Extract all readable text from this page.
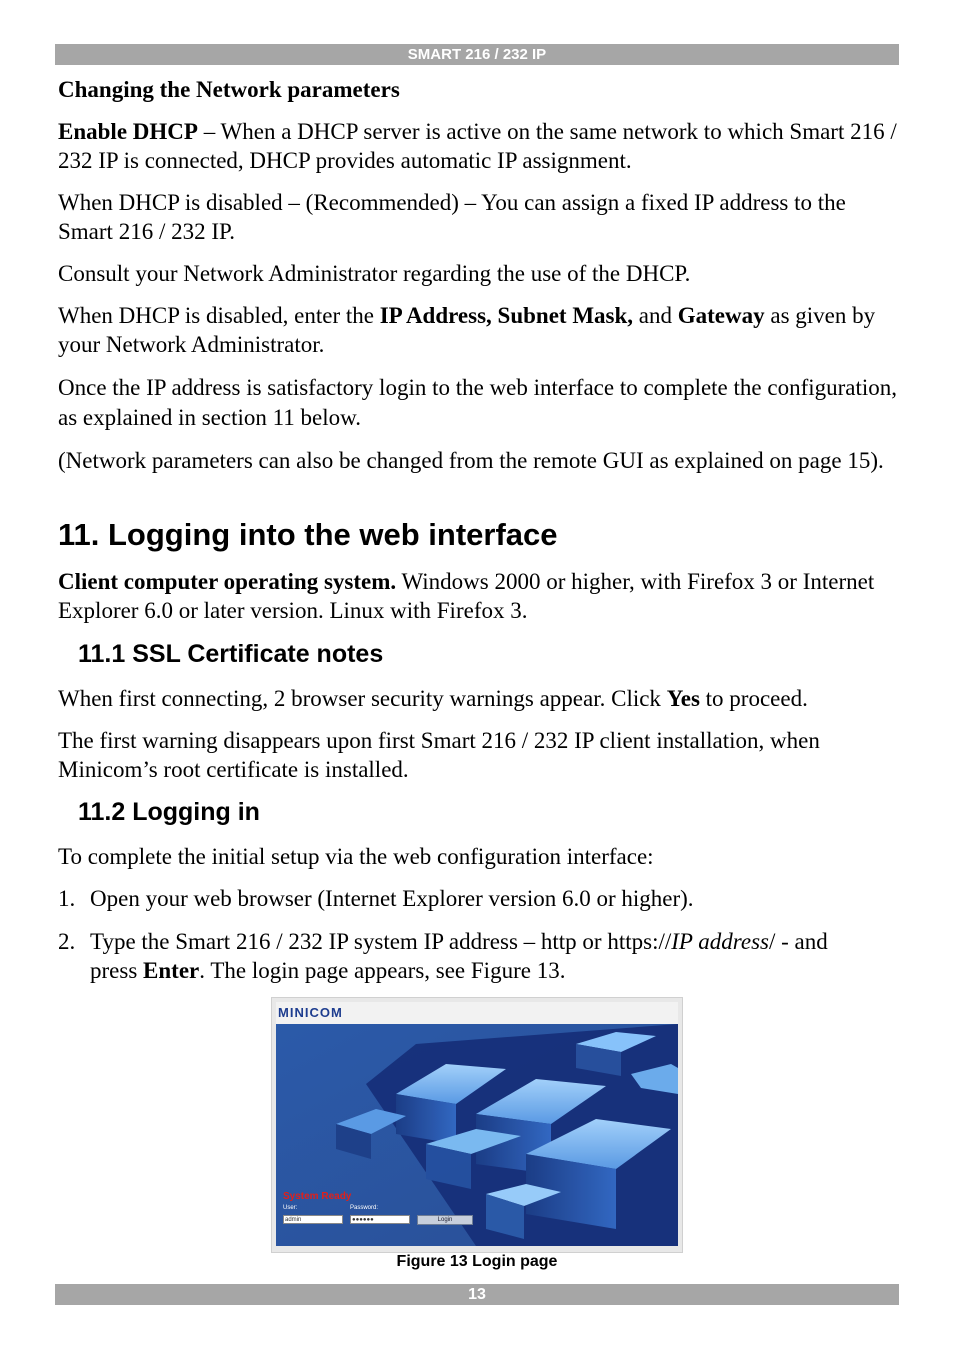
SMART 216 / 232 IP

Changing the Network parameters

Enable DHCP – When a DHCP server is active on the same network to which Smart 216 / 232 IP is connected, DHCP provides automatic IP assignment.

When DHCP is disabled – (Recommended) – You can assign a fixed IP address to the Smart 216 / 232 IP.

Consult your Network Administrator regarding the use of the DHCP.

When DHCP is disabled, enter the IP Address, Subnet Mask, and Gateway as given by your Network Administrator.

Once the IP address is satisfactory login to the web interface to complete the configuration, as explained in section 11 below.

(Network parameters can also be changed from the remote GUI as explained on page 15).

11. Logging into the web interface

Client computer operating system. Windows 2000 or higher, with Firefox 3 or Internet Explorer 6.0 or later version. Linux with Firefox 3.

11.1 SSL Certificate notes

When first connecting, 2 browser security warnings appear. Click Yes to proceed.

The first warning disappears upon first Smart 216 / 232 IP client installation, when Minicom’s root certificate is installed.

11.2 Logging in

To complete the initial setup via the web configuration interface:

1. Open your web browser (Internet Explorer version 6.0 or higher).
2. Type the Smart 216 / 232 IP system IP address – http or https://IP address/ - and press Enter. The login page appears, see Figure 13.
MINICOM
System Ready
User:	Password:
admin	●●●●●●	Login
Figure 13 Login page
13
